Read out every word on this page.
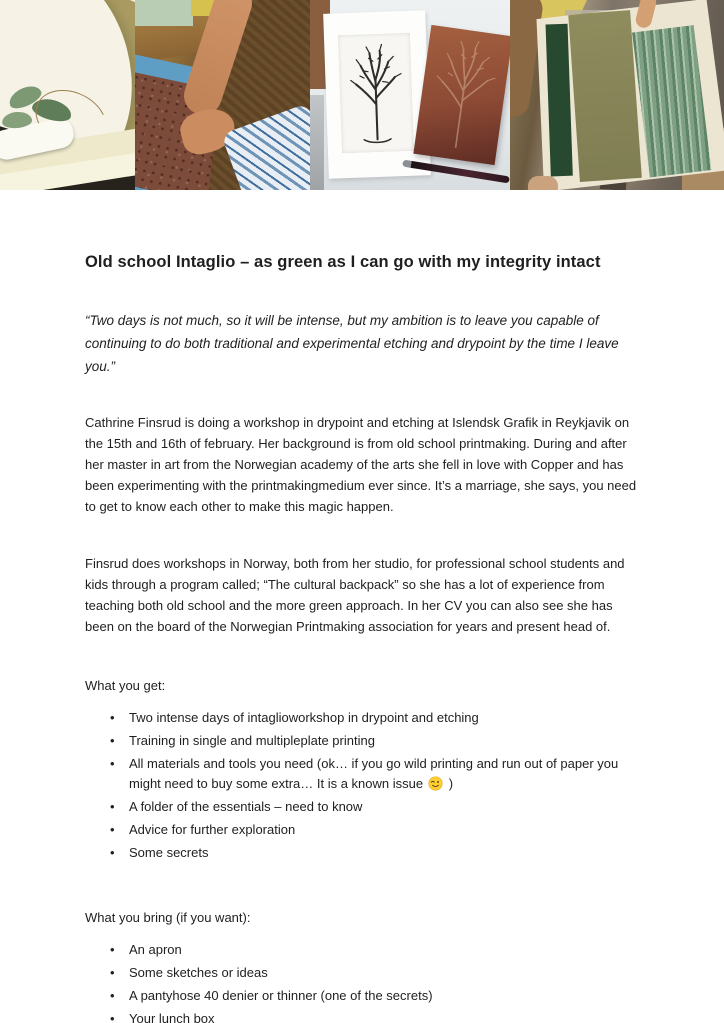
Old school Intaglio – as green as I can go with my integrity intact

“Two days is not much, so it will be intense, but my ambition is to leave you capable of continuing to do both traditional and experimental etching and drypoint by the time I leave you.”

Cathrine Finsrud is doing a workshop in drypoint and etching at Islendsk Grafik in Reykjavik on the 15th and 16th of february. Her background is from old school printmaking. During and after her master in art from the Norwegian academy of the arts she fell in love with Copper and has been experimenting with the printmakingmedium ever since. It’s a marriage, she says, you need to get to know each other to make this magic happen.

Finsrud does workshops in Norway, both from her studio, for professional school students and kids through a program called; “The cultural backpack” so she has a lot of experience from teaching both old school and the more green approach. In her CV you can also see she has been on the board of the Norwegian Printmaking association for years and present head of.

What you get:

• Two intense days of intaglioworkshop in drypoint and etching
• Training in single and multipleplate printing
• All materials and tools you need (ok… if you go wild printing and run out of paper you might need to buy some extra… It is a known issue )
• A folder of the essentials – need to know
• Advice for further exploration
• Some secrets

What you bring (if you want):

• An apron
• Some sketches or ideas
• A pantyhose 40 denier or thinner (one of the secrets)
• Your lunch box
